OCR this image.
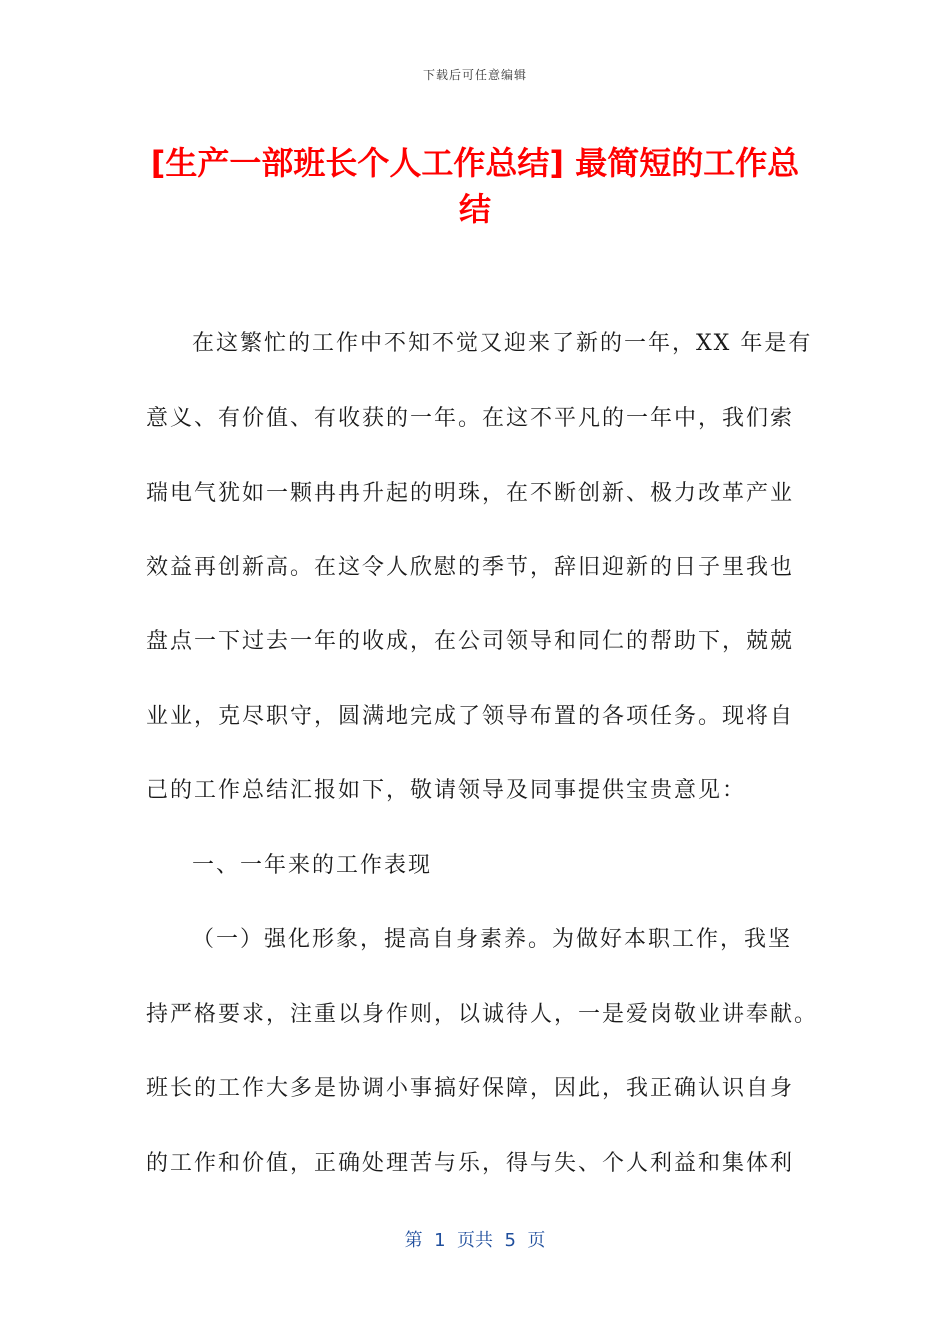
下载后可任意编辑
[生产一部班长个人工作总结] 最简短的工作总结

在这繁忙的工作中不知不觉又迎来了新的一年，XX 年是有

意义、有价值、有收获的一年。在这不平凡的一年中，我们索

瑞电气犹如一颗冉冉升起的明珠，在不断创新、极力改革产业

效益再创新高。在这令人欣慰的季节，辞旧迎新的日子里我也

盘点一下过去一年的收成，在公司领导和同仁的帮助下，兢兢

业业，克尽职守，圆满地完成了领导布置的各项任务。现将自

己的工作总结汇报如下，敬请领导及同事提供宝贵意见：

一、一年来的工作表现

（一）强化形象，提高自身素养。为做好本职工作，我坚

持严格要求，注重以身作则，以诚待人，一是爱岗敬业讲奉献。

班长的工作大多是协调小事搞好保障，因此，我正确认识自身

的工作和价值，正确处理苦与乐，得与失、个人利益和集体利

第  1  页共  5  页
